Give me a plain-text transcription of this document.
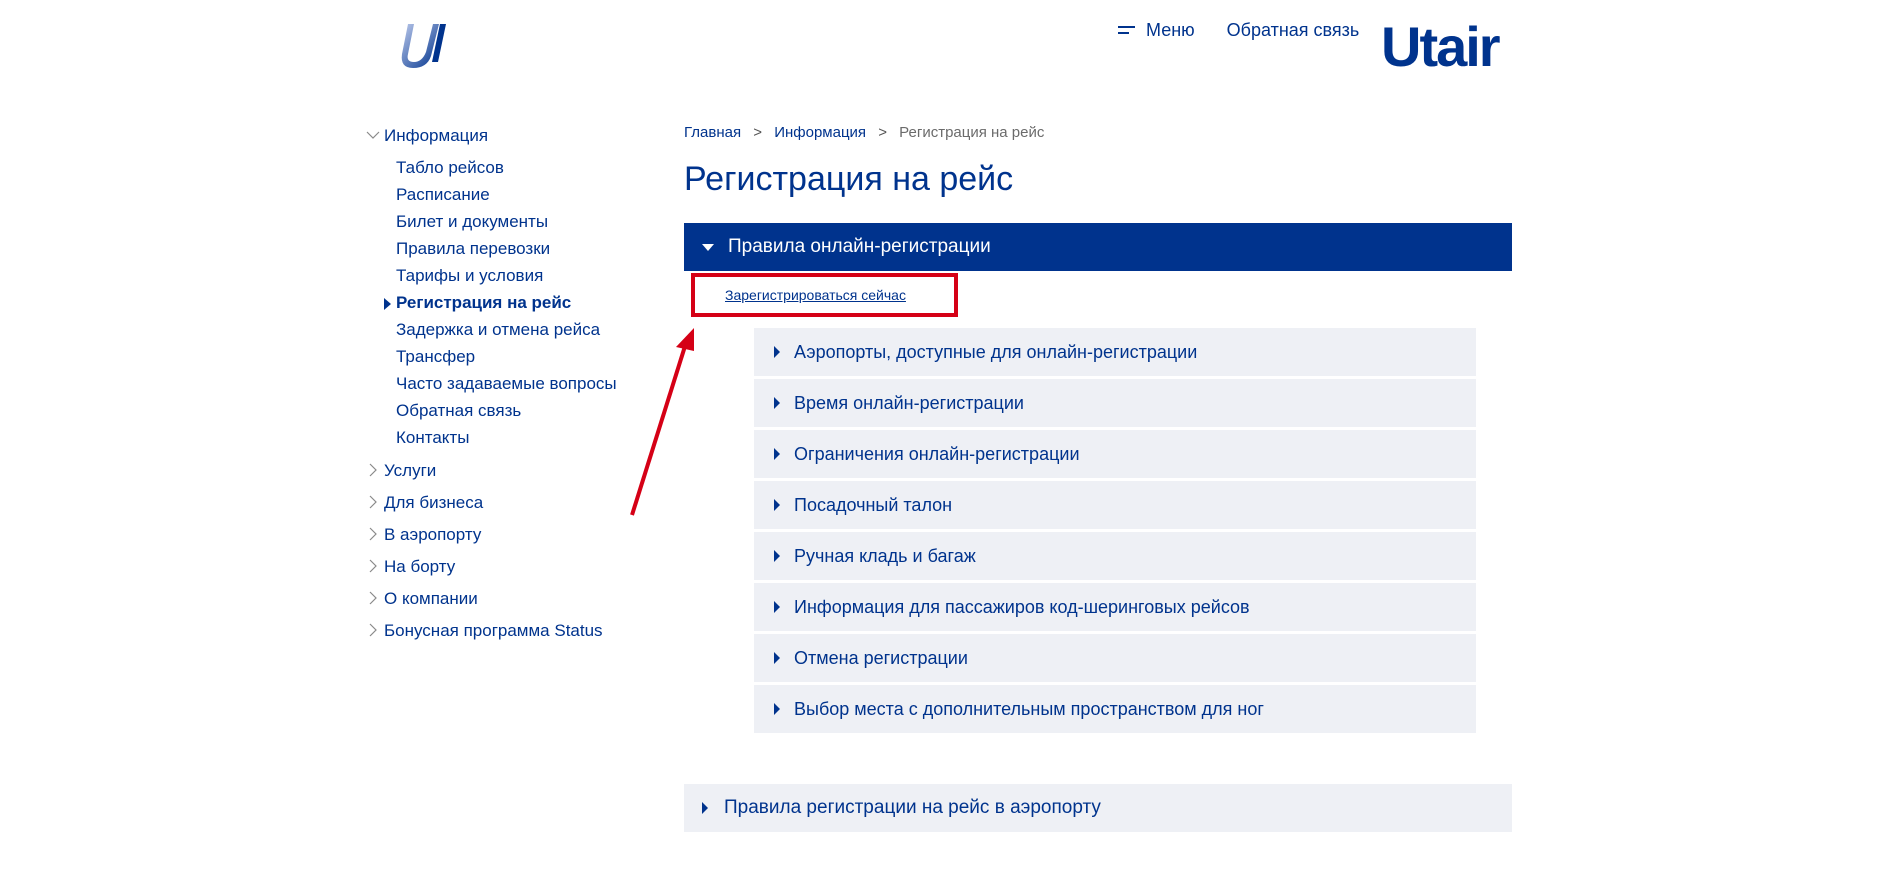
Меню Обратная связь Utair
Информация
Табло рейсов
Расписание
Билет и документы
Правила перевозки
Тарифы и условия
Регистрация на рейс
Задержка и отмена рейса
Трансфер
Часто задаваемые вопросы
Обратная связь
Контакты
Услуги
Для бизнеса
В аэропорту
На борту
О компании
Бонусная программа Status
Главная > Информация > Регистрация на рейс
Регистрация на рейс
Правила онлайн-регистрации
Зарегистрироваться сейчас
Аэропорты, доступные для онлайн-регистрации
Время онлайн-регистрации
Ограничения онлайн-регистрации
Посадочный талон
Ручная кладь и багаж
Информация для пассажиров код-шеринговых рейсов
Отмена регистрации
Выбор места с дополнительным пространством для ног
Правила регистрации на рейс в аэропорту
